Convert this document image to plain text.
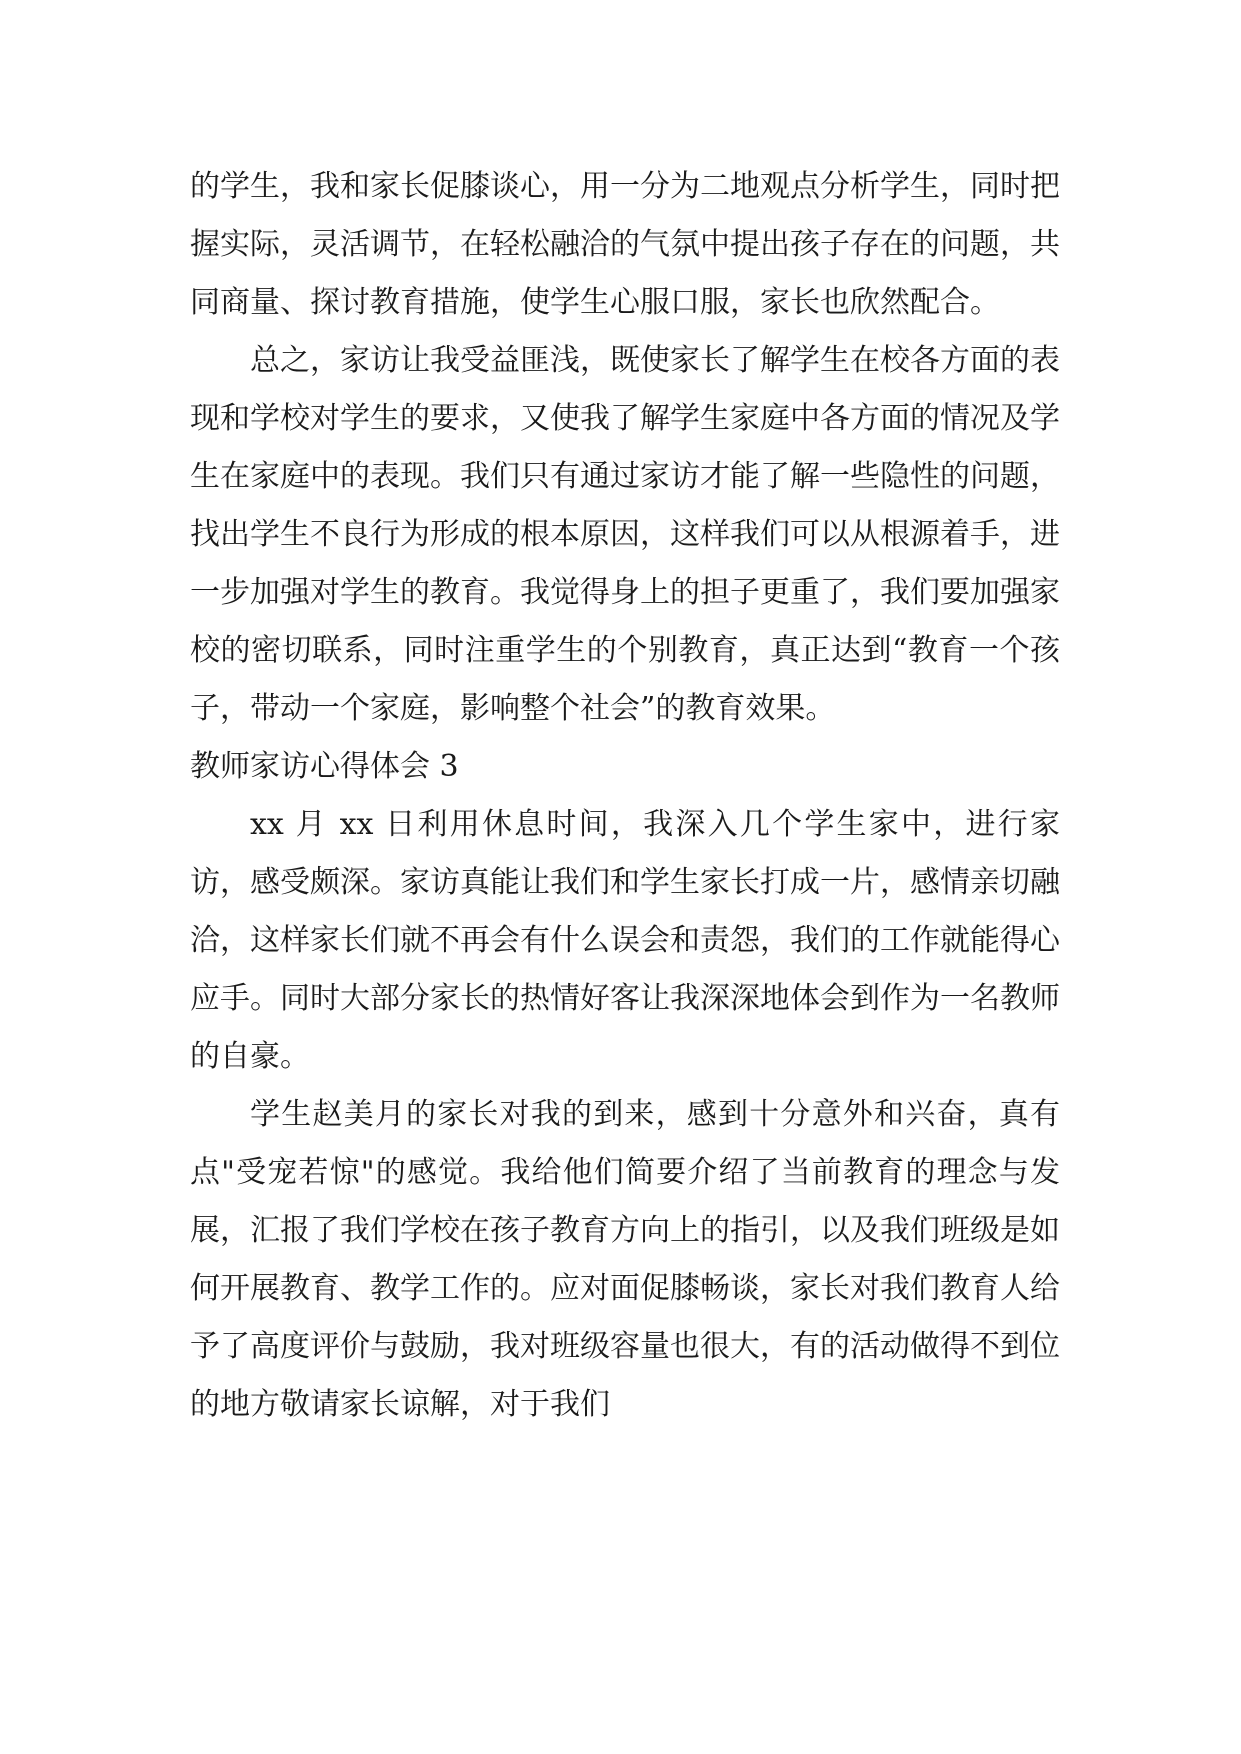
的学生，我和家长促膝谈心，用一分为二地观点分析学生，同时把握实际，灵活调节，在轻松融洽的气氛中提出孩子存在的问题，共同商量、探讨教育措施，使学生心服口服，家长也欣然配合。

总之，家访让我受益匪浅，既使家长了解学生在校各方面的表现和学校对学生的要求，又使我了解学生家庭中各方面的情况及学生在家庭中的表现。我们只有通过家访才能了解一些隐性的问题，找出学生不良行为形成的根本原因，这样我们可以从根源着手，进一步加强对学生的教育。我觉得身上的担子更重了，我们要加强家校的密切联系，同时注重学生的个别教育，真正达到“教育一个孩子，带动一个家庭，影响整个社会”的教育效果。

教师家访心得体会 3

xx 月 xx 日利用休息时间，我深入几个学生家中，进行家访，感受颇深。家访真能让我们和学生家长打成一片，感情亲切融洽，这样家长们就不再会有什么误会和责怨，我们的工作就能得心应手。同时大部分家长的热情好客让我深深地体会到作为一名教师的自豪。

学生赵美月的家长对我的到来，感到十分意外和兴奋，真有点"受宠若惊"的感觉。我给他们简要介绍了当前教育的理念与发展，汇报了我们学校在孩子教育方向上的指引，以及我们班级是如何开展教育、教学工作的。应对面促膝畅谈，家长对我们教育人给予了高度评价与鼓励，我对班级容量也很大，有的活动做得不到位的地方敬请家长谅解，对于我们
